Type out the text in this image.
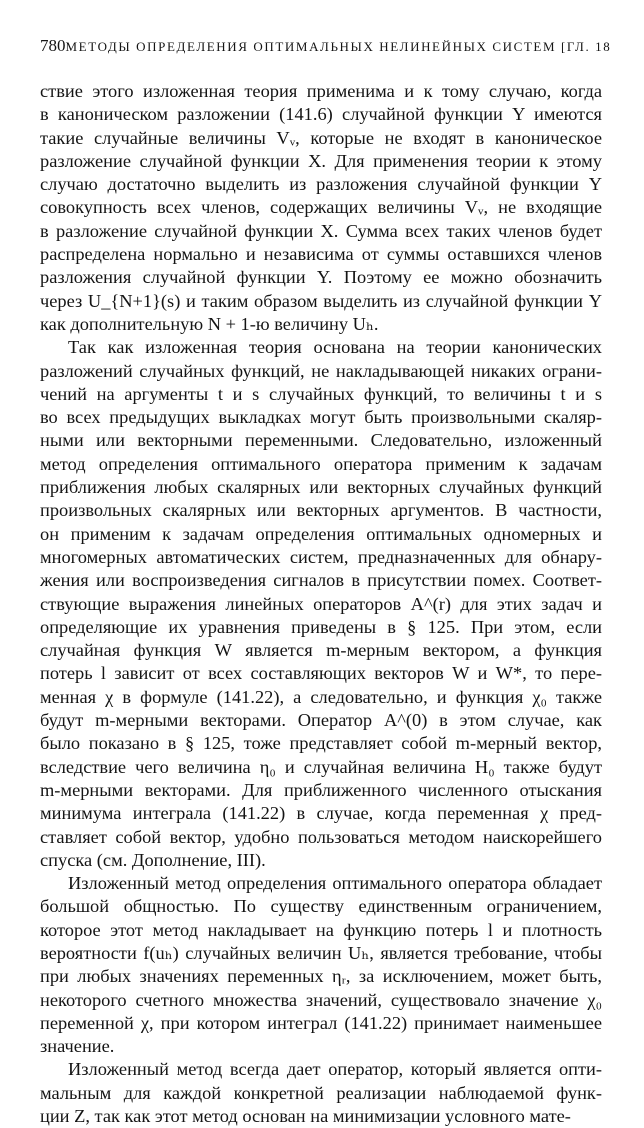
780 МЕТОДЫ ОПРЕДЕЛЕНИЯ ОПТИМАЛЬНЫХ НЕЛИНЕЙНЫХ СИСТЕМ [ГЛ. 18

ствие этого изложенная теория применима и к тому случаю, когда
в каноническом разложении (141.6) случайной функции Y имеются
такие случайные величины Vᵥ, которые не входят в каноническое
разложение случайной функции X. Для применения теории к этому
случаю достаточно выделить из разложения случайной функции Y
совокупность всех членов, содержащих величины Vᵥ, не входящие
в разложение случайной функции X. Сумма всех таких членов будет
распределена нормально и независима от суммы оставшихся членов
разложения случайной функции Y. Поэтому ее можно обозначить
через U_{N+1}(s) и таким образом выделить из случайной функции Y
как дополнительную N + 1-ю величину Uₕ.

Так как изложенная теория основана на теории канонических
разложений случайных функций, не накладывающей никаких ограни-
чений на аргументы t и s случайных функций, то величины t и s
во всех предыдущих выкладках могут быть произвольными скаляр-
ными или векторными переменными. Следовательно, изложенный
метод определения оптимального оператора применим к задачам
приближения любых скалярных или векторных случайных функций
произвольных скалярных или векторных аргументов. В частности,
он применим к задачам определения оптимальных одномерных и
многомерных автоматических систем, предназначенных для обнару-
жения или воспроизведения сигналов в присутствии помех. Соответ-
ствующие выражения линейных операторов A^(r) для этих задач и
определяющие их уравнения приведены в § 125. При этом, если
случайная функция W является m-мерным вектором, а функция
потерь l зависит от всех составляющих векторов W и W*, то пере-
менная χ в формуле (141.22), а следовательно, и функция χ₀ также
будут m-мерными векторами. Оператор A^(0) в этом случае, как
было показано в § 125, тоже представляет собой m-мерный вектор,
вследствие чего величина η₀ и случайная величина H₀ также будут
m-мерными векторами. Для приближенного численного отыскания
минимума интеграла (141.22) в случае, когда переменная χ пред-
ставляет собой вектор, удобно пользоваться методом наискорейшего
спуска (см. Дополнение, III).

Изложенный метод определения оптимального оператора обладает
большой общностью. По существу единственным ограничением,
которое этот метод накладывает на функцию потерь l и плотность
вероятности f(uₕ) случайных величин Uₕ, является требование, чтобы
при любых значениях переменных ηᵣ, за исключением, может быть,
некоторого счетного множества значений, существовало значение χ₀
переменной χ, при котором интеграл (141.22) принимает наименьшее
значение.

Изложенный метод всегда дает оператор, который является опти-
мальным для каждой конкретной реализации наблюдаемой функ-
ции Z, так как этот метод основан на минимизации условного мате-
